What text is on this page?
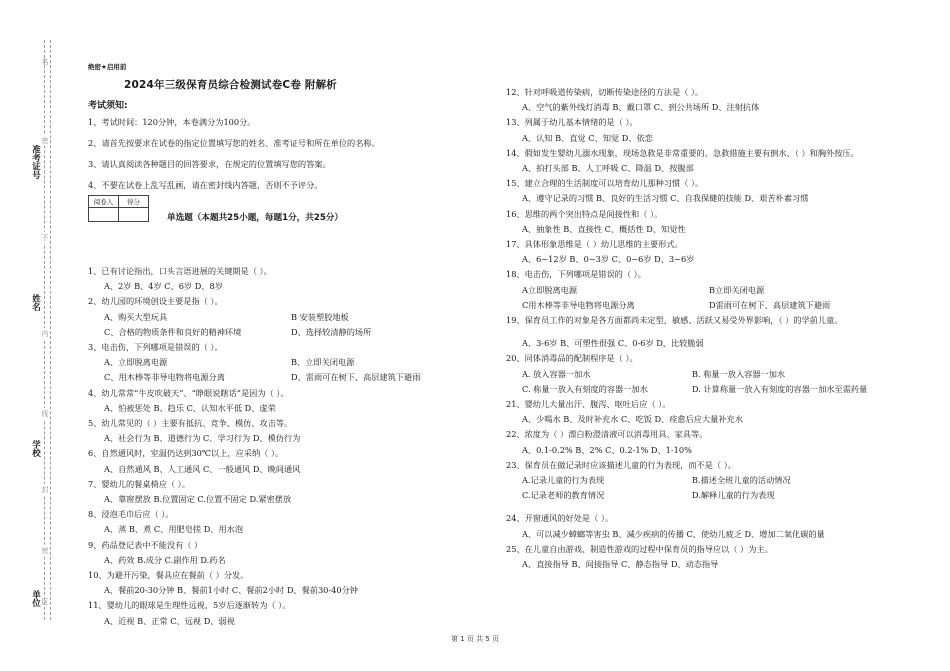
名
密
不
内
线
封
密
区
准考证号
姓名
学校
单位
绝密★启用前
2024年三级保育员综合检测试卷C卷 附解析
考试须知:
1、考试时间：120分钟，本卷满分为100分。
2、请首先按要求在试卷的指定位置填写您的姓名、准考证号和所在单位的名称。
3、请认真阅读各种题目的回答要求，在规定的位置填写您的答案。
4、不要在试卷上乱写乱画，请在密封线内答题，否则不予评分。
阅卷人	得分

单选题（本题共25小题，每题1分，共25分）
1、已有讨论指出，口头言语进展的关键期是（ ）。
A、2岁 B、4岁 C、6岁 D、8岁
2、幼儿园的环境创设主要是指（ ）。
A、购买大型玩具	B 安装塑胶地板
C、合格的物质条件和良好的精神环境	D、选择较清静的场所
3、电击伤，下列哪项是错误的（ ）。
A、立即脱离电源	B、立即关闭电源
C、用木棒等非导电物将电源分离	D、雷雨可在树下、高层建筑下避雨
4、幼儿常常“牛皮吹破天”、“睁眼说瞎话”是因为（ ）。
A、怕被惩处 B、趋乐 C、认知水平低 D、虚荣
5、幼儿常见的（ ）主要有抵抗、竞争、模仿、攻击等。
A、社会行为 B、道德行为 C、学习行为 D、模仿行为
6、自然通风时，室温仍达到30℃以上，应采纳（ ）。
A、自然通风 B、人工通风 C、一般通风 D、晚间通风
7、婴幼儿的餐桌椅应（ ）。
A、靠窗摆放 B.位置固定 C.位置不固定 D.紧密摆放
8、浸泡毛巾后应（ ）。
A、蒸 B、煮 C、用肥皂搓 D、用水泡
9、药品登记表中不能没有（ ）
A、药效 B.成分 C.副作用 D.药名
10、为避开污染，餐具应在餐前（ ）分发。
A、餐前20-30分钟 B、餐前1小时 C、餐前2小时 D、餐前30-40分钟
11、婴幼儿的眼球是生理性远视，5岁后逐渐转为（ ）。
A、近视 B、正常 C、远视 D、弱视
12、针对呼吸道传染病，切断传染途径的方法是（ ）。
A、空气的紫外线灯消毒 B、戴口罩 C、到公共场所 D、注射抗体
13、列属于幼儿基本情绪的是（ ）。
A、认知 B、直觉 C、知觉 D、依恋
14、假如发生婴幼儿溺水现象，现场急救是非常重要的。急救措施主要有倒水、（ ）和胸外按压。
A、拍打头部 B、人工呼吸 C、降温 D、按腹部
15、建立合理的生活制度可以培育幼儿那种习惯（ ）。
A、遵守记录的习惯 B、良好的生活习惯 C、自我保健的技能 D、艰苦朴素习惯
16、思维的两个突出特点是间接性和（ ）。
A、抽象性 B、直接性 C、概括性 D、知觉性
17、具体形象思维是（ ）幼儿思维的主要形式。
A、6~12岁 B、0~3岁 C、0~6岁 D、3~6岁
18、电击伤，下列哪项是错误的（ ）。
A立即脱离电源	B立即关闭电源
C用木棒等非导电物将电源分离	D雷雨可在树下、高层建筑下避雨
19、保育员工作的对象是各方面都尚未定型，敏感、活跃又易受外界影响，（ ）的学前儿童。
A、3-6岁 B、可塑性很强 C、0-6岁 D、比较脆弱
20、同体消毒品的配制程序是（ ）。
A. 放入容器一加水	B. 称量一放入容器一加水
C. 称量一放入有刻度的容器一加水	D. 计算称量一放入有刻度的容器一加水至需药量
21、婴幼儿大量出汗、腹泻、呕吐后应（ ）。
A、少喝水 B、及时补充水 C、吃饭 D、痊愈后应大量补充水
22、浓度为（ ）漂白粉澄清液可以消毒用具、家具等。
A、0.1-0.2% B、2% C、0.2-1% D、1-10%
23、保育员在做记录时应该描述儿童的行为表现，而不是（ ）。
A.记录儿童的行为表现	B.描述全班儿童的活动情况
C.记录老师的教育情况	D.解释儿童的行为表现
24、开窗通风的好处是（ ）。
A、可以减少蟑螂等害虫 B、减少疾病的传播 C、使幼儿疲乏 D、增加二氧化碳的量
25、在儿童自由游戏、制造性游戏的过程中保育员的指导应以（ ）为主。
A、直接指导 B、间接指导 C、静态指导 D、动态指导
第 1 页 共 5 页
